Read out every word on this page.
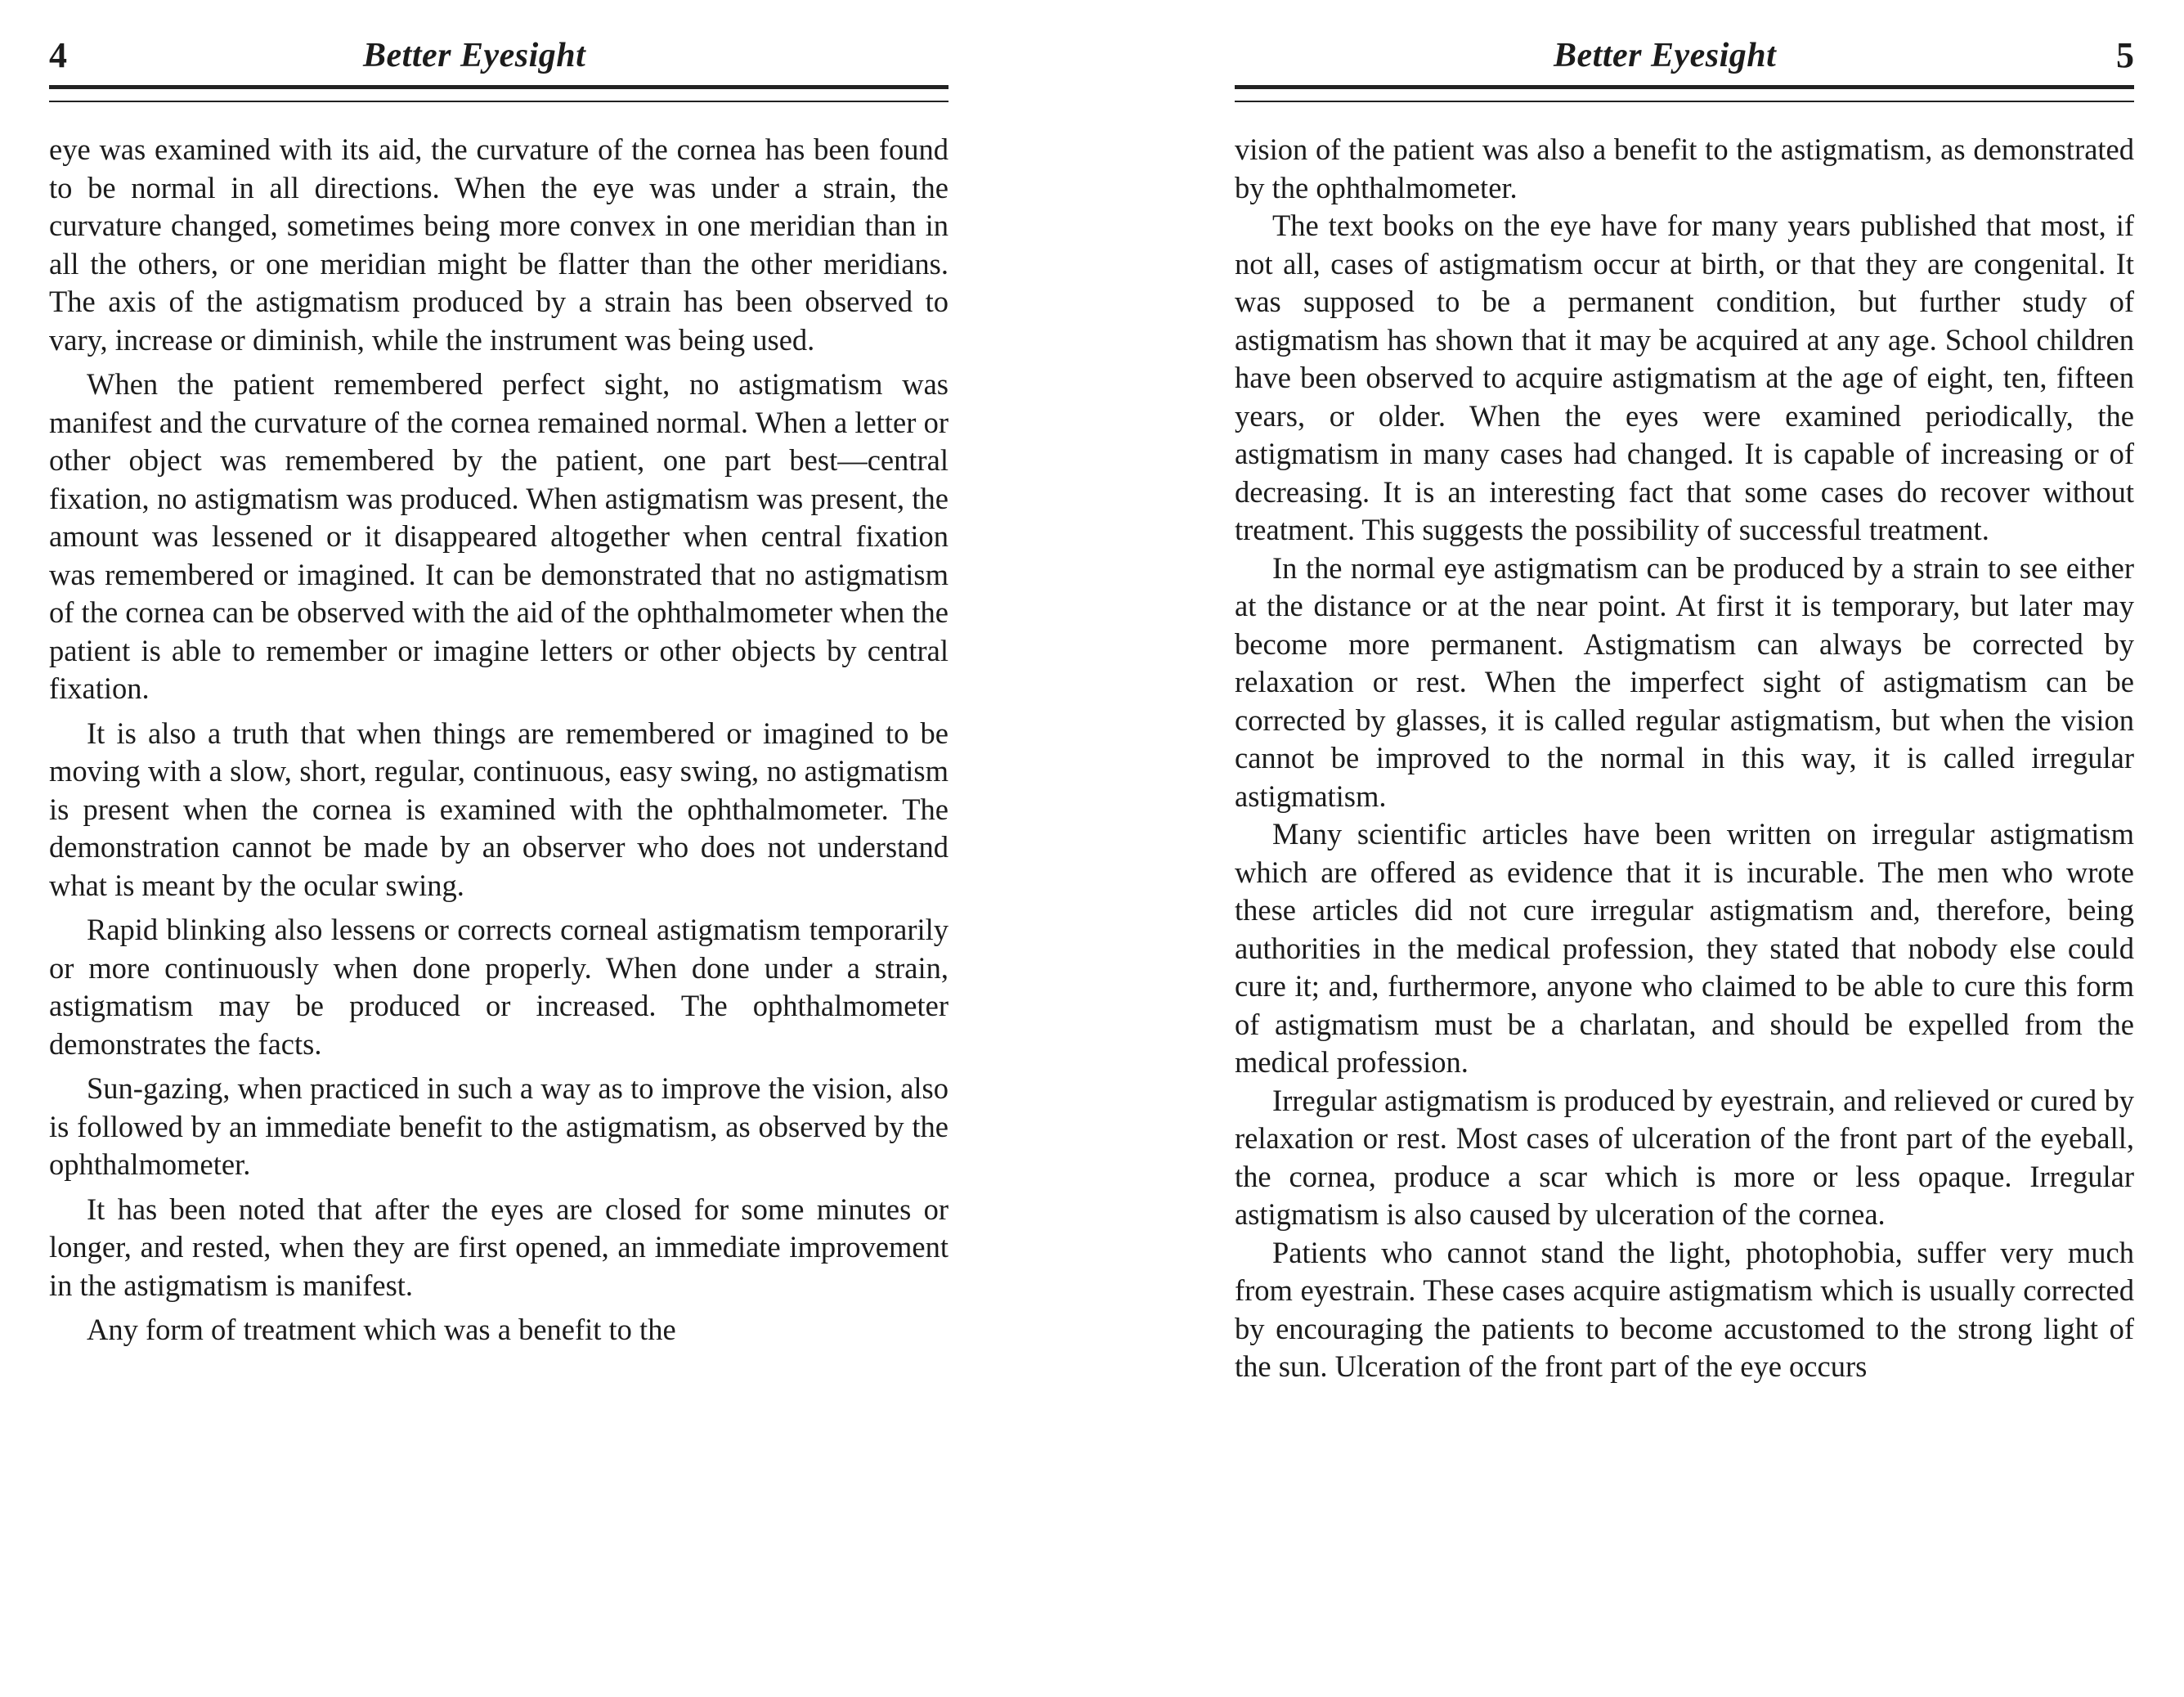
4	Better Eyesight

eye was examined with its aid, the curvature of the cornea has been found to be normal in all directions. When the eye was under a strain, the curvature changed, sometimes being more convex in one meridian than in all the others, or one meridian might be flatter than the other meridians. The axis of the astigmatism produced by a strain has been observed to vary, increase or diminish, while the instrument was being used.

When the patient remembered perfect sight, no astigmatism was manifest and the curvature of the cornea remained normal. When a letter or other object was remembered by the patient, one part best—central fixation, no astigmatism was produced. When astigmatism was present, the amount was lessened or it disappeared altogether when central fixation was remembered or imagined. It can be demonstrated that no astigmatism of the cornea can be observed with the aid of the ophthalmometer when the patient is able to remember or imagine letters or other objects by central fixation.

It is also a truth that when things are remembered or imagined to be moving with a slow, short, regular, continuous, easy swing, no astigmatism is present when the cornea is examined with the ophthalmometer. The demonstration cannot be made by an observer who does not understand what is meant by the ocular swing.

Rapid blinking also lessens or corrects corneal astigmatism temporarily or more continuously when done properly. When done under a strain, astigmatism may be produced or increased. The ophthalmometer demonstrates the facts.

Sun-gazing, when practiced in such a way as to improve the vision, also is followed by an immediate benefit to the astigmatism, as observed by the ophthalmometer.

It has been noted that after the eyes are closed for some minutes or longer, and rested, when they are first opened, an immediate improvement in the astigmatism is manifest.

Any form of treatment which was a benefit to the

Better Eyesight	5

vision of the patient was also a benefit to the astigmatism, as demonstrated by the ophthalmometer.

The text books on the eye have for many years published that most, if not all, cases of astigmatism occur at birth, or that they are congenital. It was supposed to be a permanent condition, but further study of astigmatism has shown that it may be acquired at any age. School children have been observed to acquire astigmatism at the age of eight, ten, fifteen years, or older. When the eyes were examined periodically, the astigmatism in many cases had changed. It is capable of increasing or of decreasing. It is an interesting fact that some cases do recover without treatment. This suggests the possibility of successful treatment.

In the normal eye astigmatism can be produced by a strain to see either at the distance or at the near point. At first it is temporary, but later may become more permanent. Astigmatism can always be corrected by relaxation or rest. When the imperfect sight of astigmatism can be corrected by glasses, it is called regular astigmatism, but when the vision cannot be improved to the normal in this way, it is called irregular astigmatism.

Many scientific articles have been written on irregular astigmatism which are offered as evidence that it is incurable. The men who wrote these articles did not cure irregular astigmatism and, therefore, being authorities in the medical profession, they stated that nobody else could cure it; and, furthermore, anyone who claimed to be able to cure this form of astigmatism must be a charlatan, and should be expelled from the medical profession.

Irregular astigmatism is produced by eyestrain, and relieved or cured by relaxation or rest. Most cases of ulceration of the front part of the eyeball, the cornea, produce a scar which is more or less opaque. Irregular astigmatism is also caused by ulceration of the cornea.

Patients who cannot stand the light, photophobia, suffer very much from eyestrain. These cases acquire astigmatism which is usually corrected by encouraging the patients to become accustomed to the strong light of the sun. Ulceration of the front part of the eye occurs
